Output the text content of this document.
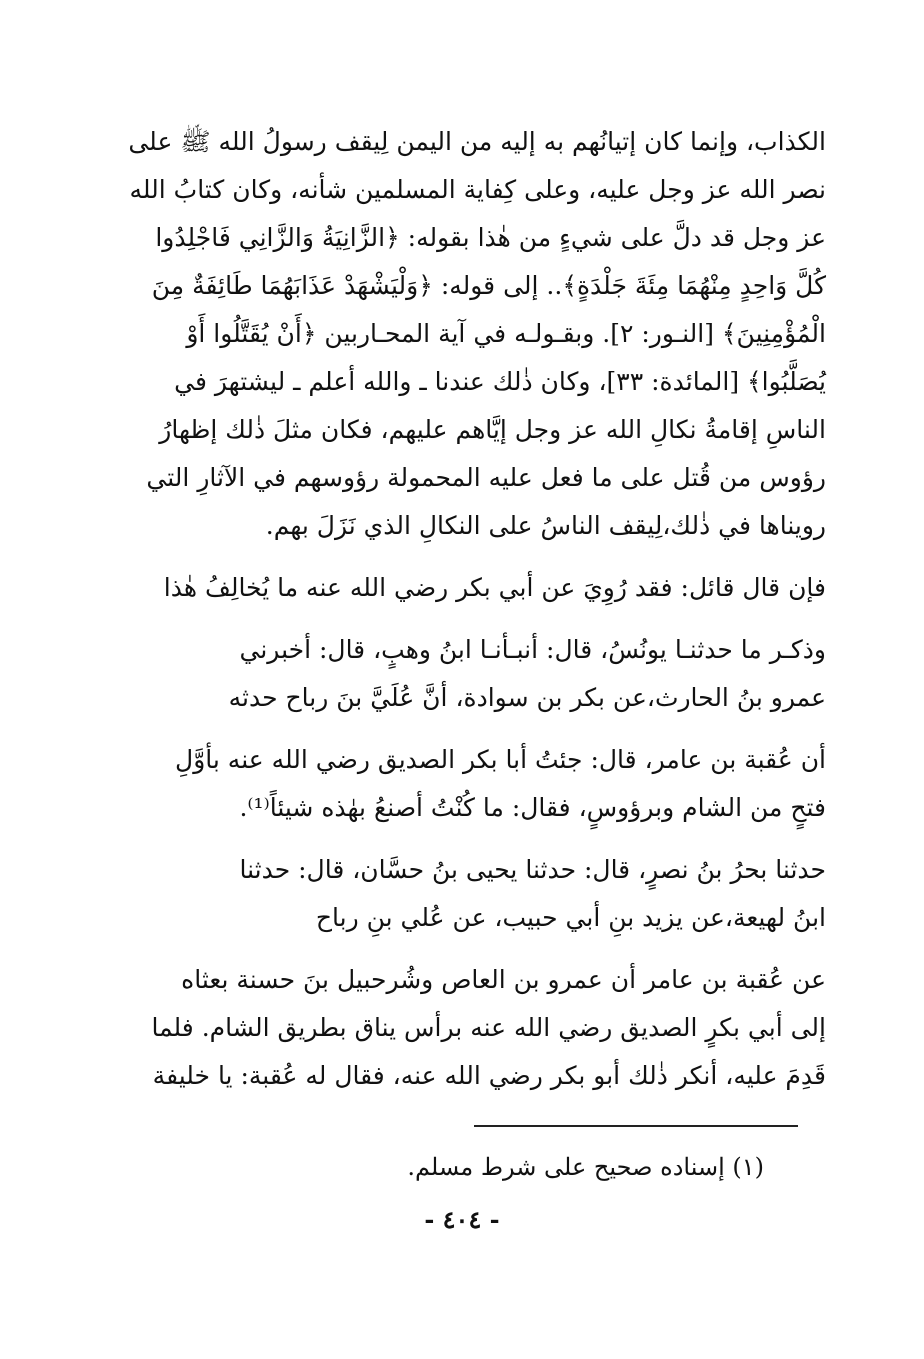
الكذاب، وإنما كان إتيانُهم به إليه من اليمن لِيقف رسولُ الله ﷺ على
نصر الله عز وجل عليه، وعلى كِفاية المسلمين شأنه، وكان كتابُ الله
عز وجل قد دلَّ على شيءٍ من هٰذا بقوله: ﴿الزَّانِيَةُ وَالزَّانِي فَاجْلِدُوا
كُلَّ وَاحِدٍ مِنْهُمَا مِئَةَ جَلْدَةٍ﴾.. إلى قوله: ﴿وَلْيَشْهَدْ عَذَابَهُمَا طَائِفَةٌ مِنَ
الْمُؤْمِنِينَ﴾ [النـور: ٢]. وبقـولـه في آية المحـاربين ﴿أَنْ يُقَتَّلُوا أَوْ
يُصَلَّبُوا﴾ [المائدة: ٣٣]، وكان ذٰلك عندنا ـ والله أعلم ـ ليشتهرَ في
الناسِ إقامةُ نكالِ الله عز وجل إيَّاهم عليهم، فكان مثلَ ذٰلك إظهارُ
رؤوس من قُتل على ما فعل عليه المحمولة رؤوسهم في الآثارِ التي
رويناها في ذٰلك،لِيقف الناسُ على النكالِ الذي نَزَلَ بهم.

فإن قال قائل: فقد رُوِيَ عن أبي بكر رضي الله عنه ما يُخالِفُ هٰذا

وذكـر ما حدثنـا يونُسُ، قال: أنبـأنـا ابنُ وهبٍ، قال: أخبرني
عمرو بنُ الحارث،عن بكر بن سوادة، أنَّ عُلَيَّ بنَ رباح حدثه

أن عُقبة بن عامر، قال: جئتُ أبا بكر الصديق رضي الله عنه بأوَّلِ
فتحٍ من الشام وبرؤوسٍ، فقال: ما كُنْتُ أصنعُ بهٰذه شيئاً⁽¹⁾.

حدثنا بحرُ بنُ نصرٍ، قال: حدثنا يحيى بنُ حسَّان، قال: حدثنا
ابنُ لهيعة،عن يزيد بنِ أبي حبيب، عن عُلي بنِ رباح

عن عُقبة بن عامر أن عمرو بن العاص وشُرحبيل بنَ حسنة بعثاه
إلى أبي بكرٍ الصديق رضي الله عنه برأس يناق بطريق الشام. فلما
قَدِمَ عليه، أنكر ذٰلك أبو بكر رضي الله عنه، فقال له عُقبة: يا خليفة

(١) إسناده صحيح على شرط مسلم.
- ٤٠٤ -
